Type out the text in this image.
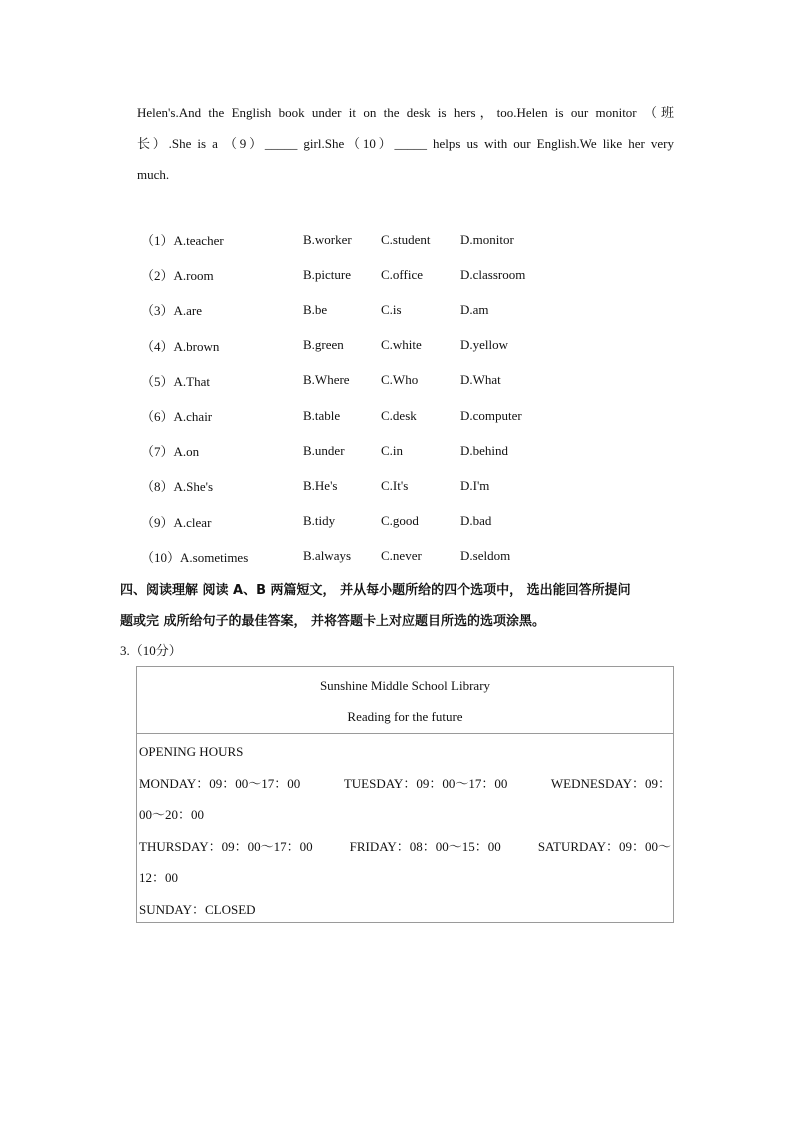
Helen's.And the English book under it on the desk is hers，too.Helen is our monitor （班
长）.She is a （9）_____ girl.She（10）_____ helps us with our English.We like her very
much.
（1）A.teacher	B.worker	C.student	D.monitor
（2）A.room	B.picture	C.office	D.classroom
（3）A.are	B.be	C.is	D.am
（4）A.brown	B.green	C.white	D.yellow
（5）A.That	B.Where	C.Who	D.What
（6）A.chair	B.table	C.desk	D.computer
（7）A.on	B.under	C.in	D.behind
（8）A.She's	B.He's	C.It's	D.I'm
（9）A.clear	B.tidy	C.good	D.bad
（10）A.sometimes	B.always	C.never	D.seldom
四、阅读理解 阅读 A、B 两篇短文， 并从每小题所给的四个选项中， 选出能回答所提问
题或完 成所给句子的最佳答案， 并将答题卡上对应题目所选的选项涂黑。
3.（10分）
Sunshine Middle School Library
Reading for the future
OPENING HOURS
MONDAY：09：00～17：00	TUESDAY：09：00～17：00	WEDNESDAY：09：
00～20：00
THURSDAY：09：00～17：00	FRIDAY：08：00～15：00	SATURDAY：09：00～
12：00
SUNDAY：CLOSED
